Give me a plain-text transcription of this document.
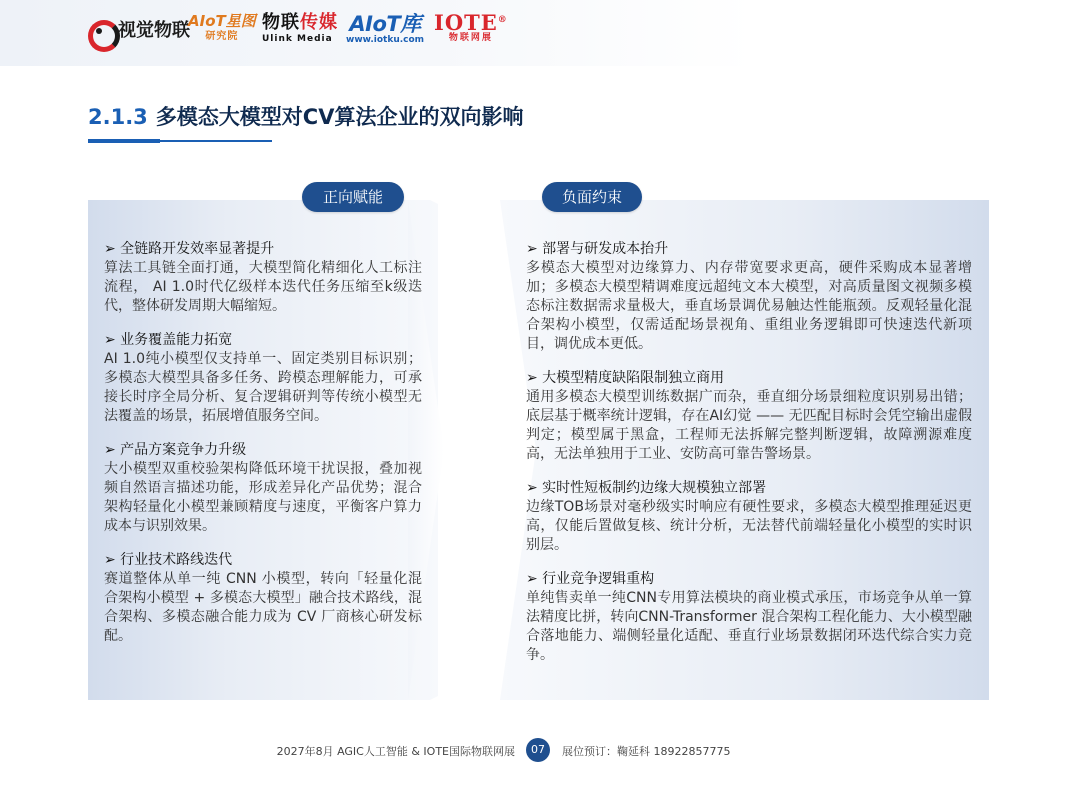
视觉物联
AIoT星图
研究院
物联传媒
Ulink Media
AIoT库
www.iotku.com
IOTE®
物联网展
2.1.3 多模态大模型对CV算法企业的双向影响
正向赋能	负面约束
➢ 全链路开发效率显著提升

算法工具链全面打通，大模型简化精细化人工标注流程， AI 1.0时代亿级样本迭代任务压缩至k级迭代，整体研发周期大幅缩短。

➢ 业务覆盖能力拓宽

AI 1.0纯小模型仅支持单一、固定类别目标识别；多模态大模型具备多任务、跨模态理解能力，可承接长时序全局分析、复合逻辑研判等传统小模型无法覆盖的场景，拓展增值服务空间。

➢ 产品方案竞争力升级

大小模型双重校验架构降低环境干扰误报，叠加视频自然语言描述功能，形成差异化产品优势；混合架构轻量化小模型兼顾精度与速度，平衡客户算力成本与识别效果。

➢ 行业技术路线迭代

赛道整体从单一纯 CNN 小模型，转向「轻量化混合架构小模型 + 多模态大模型」融合技术路线，混合架构、多模态融合能力成为 CV 厂商核心研发标配。

➢ 部署与研发成本抬升

多模态大模型对边缘算力、内存带宽要求更高，硬件采购成本显著增加；多模态大模型精调难度远超纯文本大模型，对高质量图文视频多模态标注数据需求量极大，垂直场景调优易触达性能瓶颈。反观轻量化混合架构小模型，仅需适配场景视角、重组业务逻辑即可快速迭代新项目，调优成本更低。

➢ 大模型精度缺陷限制独立商用

通用多模态大模型训练数据广而杂，垂直细分场景细粒度识别易出错；底层基于概率统计逻辑，存在AI幻觉 —— 无匹配目标时会凭空输出虚假判定；模型属于黑盒，工程师无法拆解完整判断逻辑，故障溯源难度高，无法单独用于工业、安防高可靠告警场景。

➢ 实时性短板制约边缘大规模独立部署

边缘TOB场景对毫秒级实时响应有硬性要求，多模态大模型推理延迟更高，仅能后置做复核、统计分析，无法替代前端轻量化小模型的实时识别层。

➢ 行业竞争逻辑重构

单纯售卖单一纯CNN专用算法模块的商业模式承压，市场竞争从单一算法精度比拼，转向CNN-Transformer 混合架构工程化能力、大小模型融合落地能力、端侧轻量化适配、垂直行业场景数据闭环迭代综合实力竞争。

2027年8月 AGIC人工智能 & IOTE国际物联网展	07	展位预订：鞠延科 18922857775
